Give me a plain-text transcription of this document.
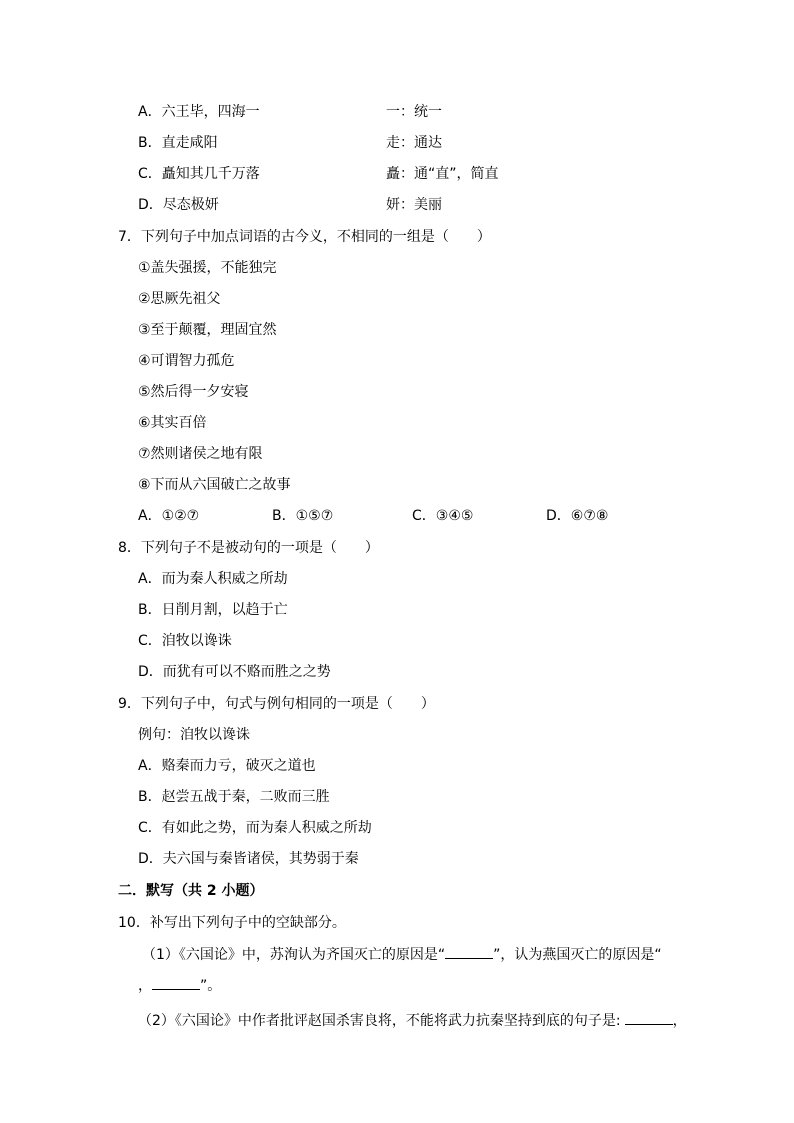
A．六王毕，四海一	一：统一
B．直走咸阳	走：通达
C．矗知其几千万落	矗：通“直”，简直
D．尽态极妍	妍：美丽
7．下列句子中加点词语的古今义，不相同的一组是（　　）
①盖失强援，不能独完
②思厥先祖父
③至于颠覆，理固宜然
④可谓智力孤危
⑤然后得一夕安寝
⑥其实百倍
⑦然则诸侯之地有限
⑧下而从六国破亡之故事
A．①②⑦	B．①⑤⑦	C．③④⑤	D．⑥⑦⑧
8．下列句子不是被动句的一项是（　　）
A．而为秦人积威之所劫
B．日削月割，以趋于亡
C．洎牧以谗诛
D．而犹有可以不赂而胜之之势
9．下列句子中，句式与例句相同的一项是（　　）
例句：洎牧以谗诛
A．赂秦而力亏，破灭之道也
B．赵尝五战于秦，二败而三胜
C．有如此之势，而为秦人积威之所劫
D．夫六国与秦皆诸侯，其势弱于秦
二．默写（共 2 小题）
10．补写出下列句子中的空缺部分。
（1）《六国论》中，苏洵认为齐国灭亡的原因是“	”，认为燕国灭亡的原因是“
，	”。
（2）《六国论》中作者批评赵国杀害良将，不能将武力抗秦坚持到底的句子是:	，
